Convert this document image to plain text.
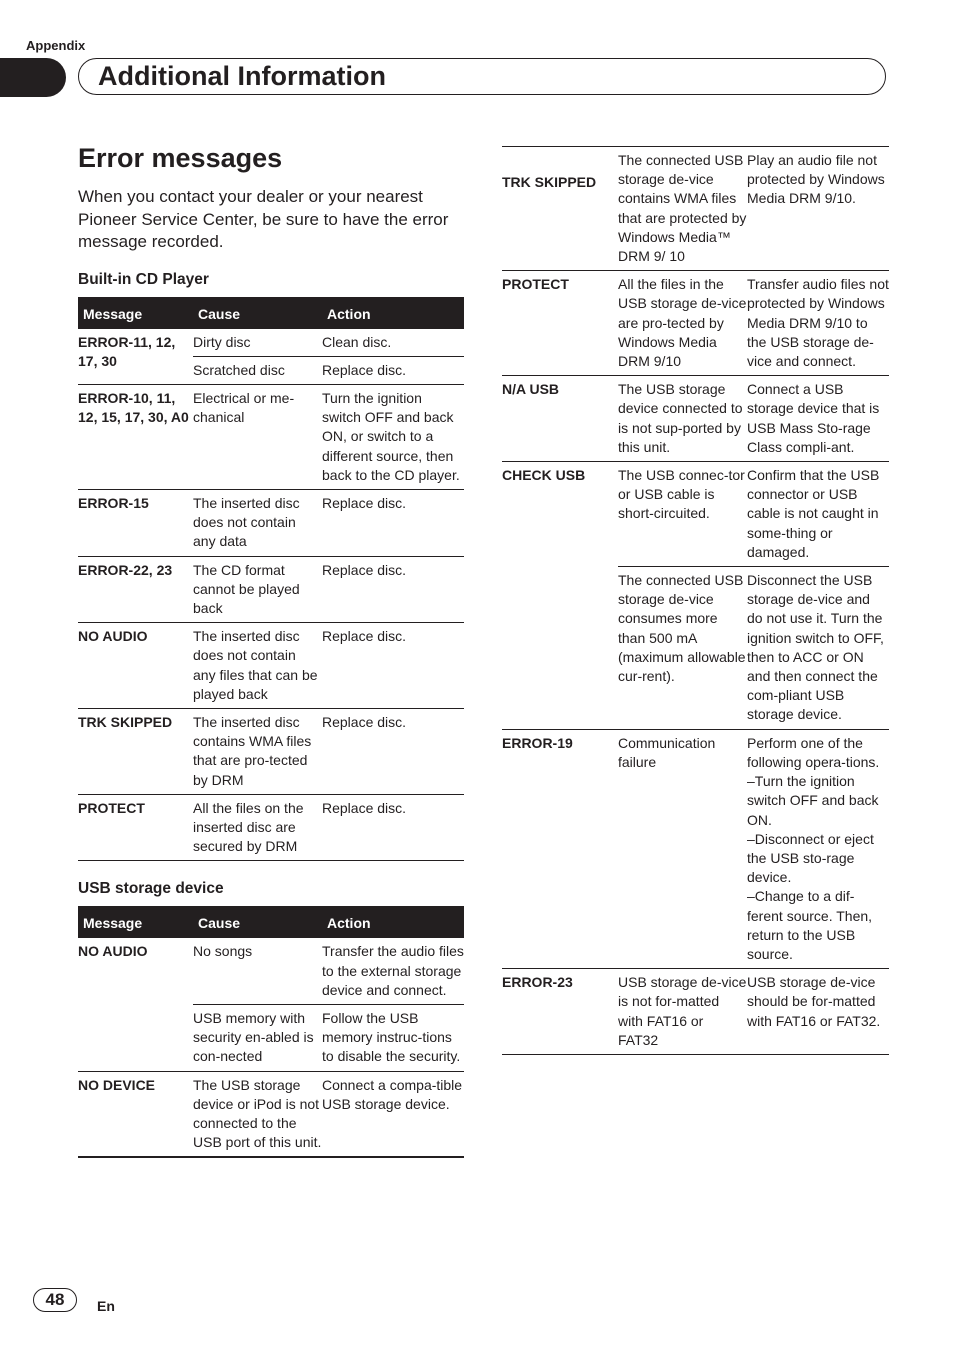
Appendix
Additional Information
Error messages

When you contact your dealer or your nearest Pioneer Service Center, be sure to have the error message recorded.

Built-in CD Player
Message	Cause	Action
ERROR-11, 12, 17, 30	Dirty disc	Clean disc.
	Scratched disc	Replace disc.
ERROR-10, 11, 12, 15, 17, 30, A0	Electrical or me-chanical	Turn the ignition switch OFF and back ON, or switch to a different source, then back to the CD player.
ERROR-15	The inserted disc does not contain any data	Replace disc.
ERROR-22, 23	The CD format cannot be played back	Replace disc.
NO AUDIO	The inserted disc does not contain any files that can be played back	Replace disc.
TRK SKIPPED	The inserted disc contains WMA files that are pro-tected by DRM	Replace disc.
PROTECT	All the files on the inserted disc are secured by DRM	Replace disc.
USB storage device
Message	Cause	Action
NO AUDIO	No songs	Transfer the audio files to the external storage device and connect.
	USB memory with security en-abled is con-nected	Follow the USB memory instruc-tions to disable the security.
NO DEVICE	The USB storage device or iPod is not connected to the USB port of this unit.	Connect a compa-tible USB storage device.
TRK SKIPPED	The connected USB storage de-vice contains WMA files that are protected by Windows Media™ DRM 9/ 10	Play an audio file not protected by Windows Media DRM 9/10.
PROTECT	All the files in the USB storage de-vice are pro-tected by Windows Media DRM 9/10	Transfer audio files not protected by Windows Media DRM 9/10 to the USB storage de-vice and connect.
N/A USB	The USB storage device connected to is not sup-ported by this unit.	Connect a USB storage device that is USB Mass Sto-rage Class compli-ant.
CHECK USB	The USB connec-tor or USB cable is short-circuited.	Confirm that the USB connector or USB cable is not caught in some-thing or damaged.
	The connected USB storage de-vice consumes more than 500 mA (maximum allowable cur-rent).	Disconnect the USB storage de-vice and do not use it. Turn the ignition switch to OFF, then to ACC or ON and then connect the com-pliant USB storage device.
ERROR-19	Communication failure	Perform one of the following opera-tions.
–Turn the ignition switch OFF and back ON.
–Disconnect or eject the USB sto-rage device.
–Change to a dif-ferent source. Then, return to the USB source.
ERROR-23	USB storage de-vice is not for-matted with FAT16 or FAT32	USB storage de-vice should be for-matted with FAT16 or FAT32.
48	En
